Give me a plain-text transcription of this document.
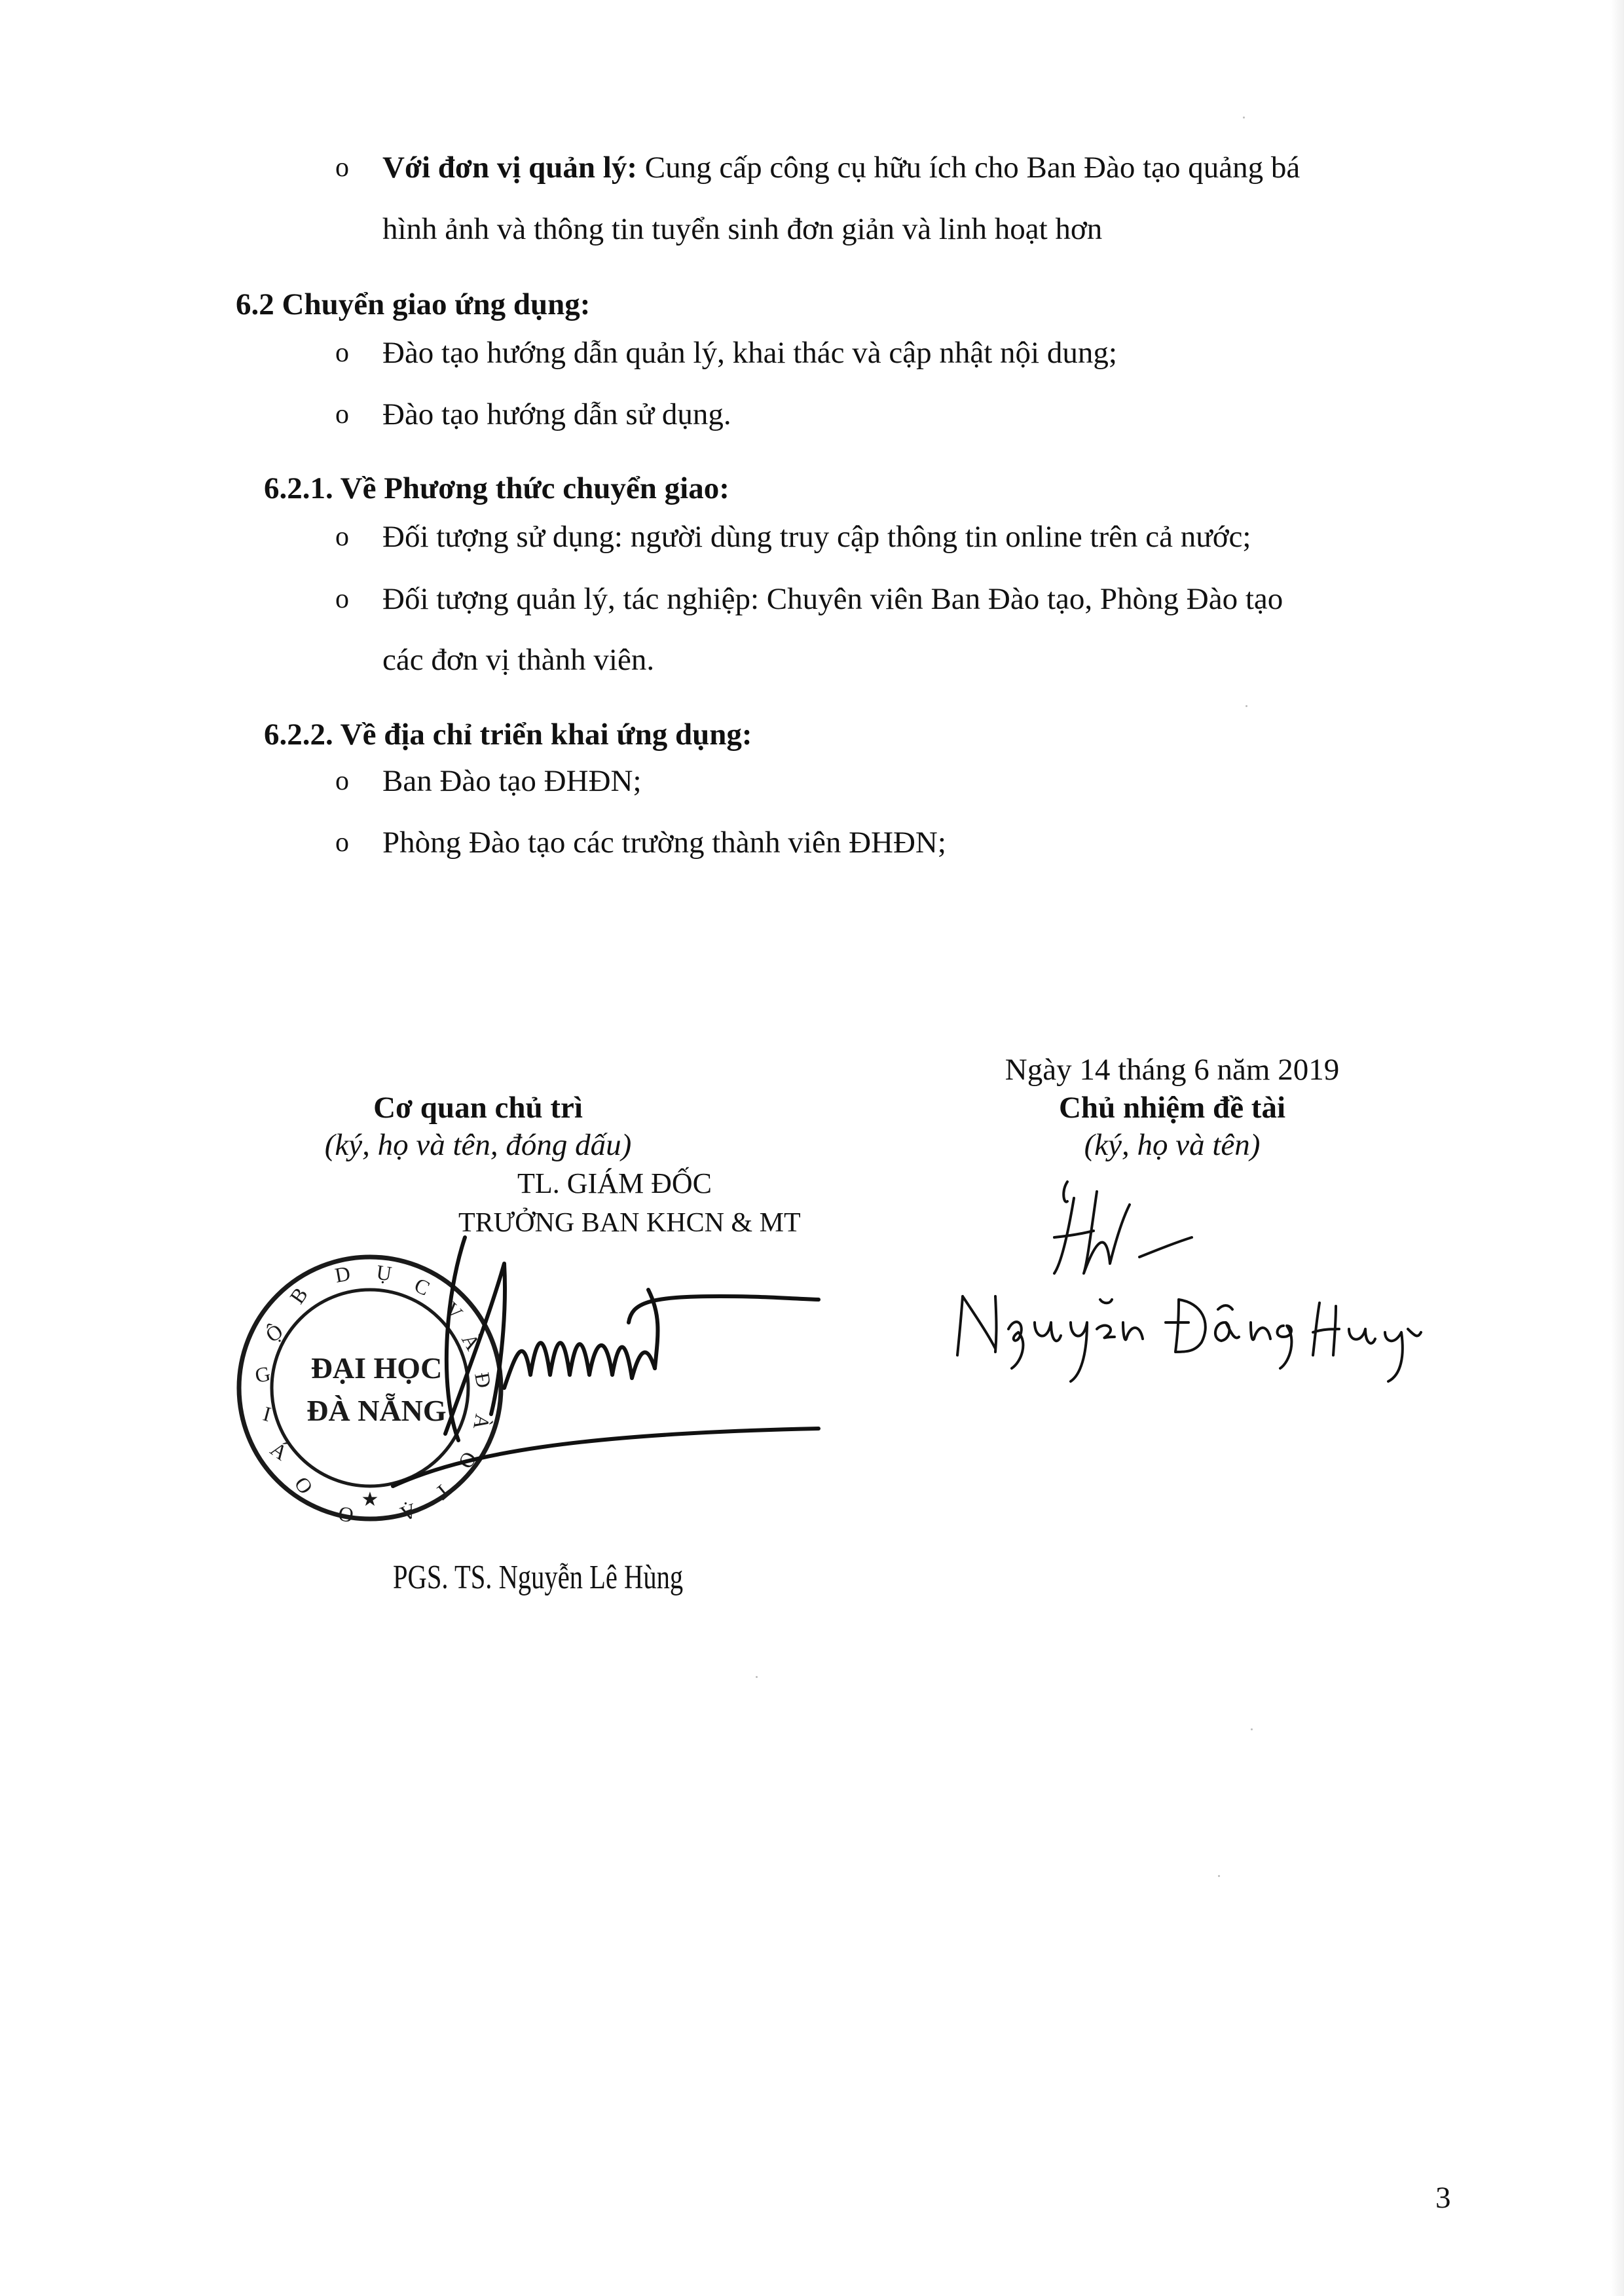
o Với đơn vị quản lý: Cung cấp công cụ hữu ích cho Ban Đào tạo quảng bá
hình ảnh và thông tin tuyển sinh đơn giản và linh hoạt hơn
6.2 Chuyển giao ứng dụng:
o Đào tạo hướng dẫn quản lý, khai thác và cập nhật nội dung;
o Đào tạo hướng dẫn sử dụng.
6.2.1. Về Phương thức chuyển giao:
o Đối tượng sử dụng: người dùng truy cập thông tin online trên cả nước;
o Đối tượng quản lý, tác nghiệp: Chuyên viên Ban Đào tạo, Phòng Đào tạo
các đơn vị thành viên.
6.2.2. Về địa chỉ triển khai ứng dụng:
o Ban Đào tạo ĐHĐN;
o Phòng Đào tạo các trường thành viên ĐHĐN;
Ngày 14 tháng 6 năm 2019
Chủ nhiệm đề tài
(ký, họ và tên)
Cơ quan chủ trì
(ký, họ và tên, đóng dấu)
TL. GIÁM ĐỐC
TRƯỞNG BAN KHCN & MT
B
Ộ
G
I
Á
O
D Ụ
C
V
À
Đ
À
O
T
Ạ
O
★
ĐẠI HỌC
ĐÀ NẴNG
PGS. TS. Nguyễn Lê Hùng
3
